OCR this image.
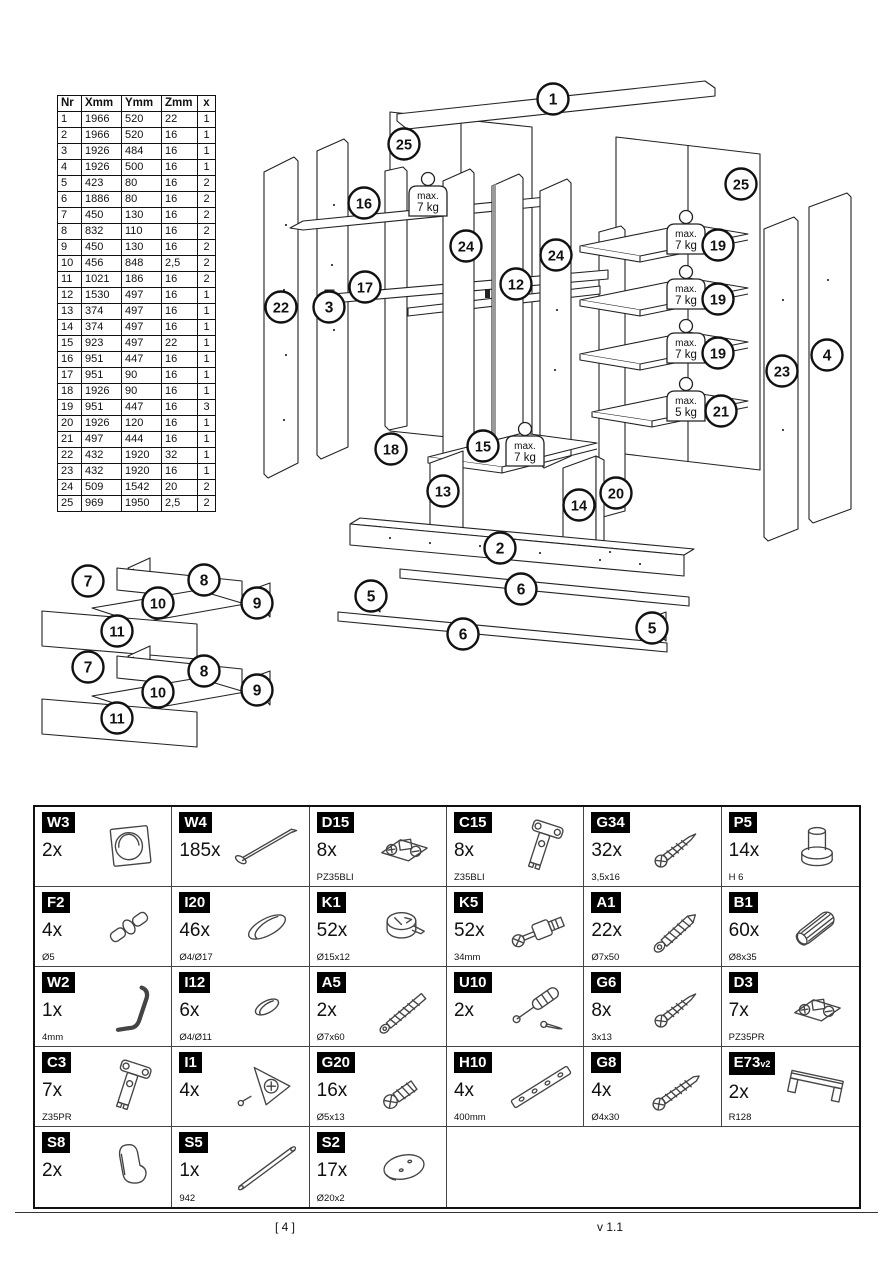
Nr	Xmm	Ymm	Zmm	x
1	1966	520	22	1
2	1966	520	16	1
3	1926	484	16	1
4	1926	500	16	1
5	423	80	16	2
6	1886	80	16	2
7	450	130	16	2
8	832	110	16	2
9	450	130	16	2
10	456	848	2,5	2
11	1021	186	16	2
12	1530	497	16	1
13	374	497	16	1
14	374	497	16	1
15	923	497	22	1
16	951	447	16	1
17	951	90	16	1
18	1926	90	16	1
19	951	447	16	3
20	1926	120	16	1
21	497	444	16	1
22	432	1920	32	1
23	432	1920	16	1
24	509	1542	20	2
25	969	1950	2,5	2
max.
7 kg
max.
7 kg
max.
7 kg
max.
7 kg
max.
5 kg
max.
7 kg
1
25
25
16
24
12
24
17
22 3
19
19
19
21
23
4
18	15
13
14
20
2
5	6
6	5
7	8
10	9
11
7	8
10	9
11
W3
2x
W4
185x
D15
8x
PZ35BLI
C15
8x
Z35BLI
G34
32x
3,5x16
P5
14x
H 6
F2
4x
Ø5
I20
46x
Ø4/Ø17
K1
52x
Ø15x12
K5
52x
34mm
A1
22x
Ø7x50
B1
60x
Ø8x35
W2
1x
4mm
I12
6x
Ø4/Ø11
A5
2x
Ø7x60
U10
2x
G6
8x
3x13
D3
7x
PZ35PR
C3
7x
Z35PR
I1
4x
G20
16x
Ø5x13
H10
4x
400mm
G8
4x
Ø4x30
E73v2
2x
R128
S8
2x
S5
1x
942
S2
17x
Ø20x2
[ 4 ]	v 1.1
